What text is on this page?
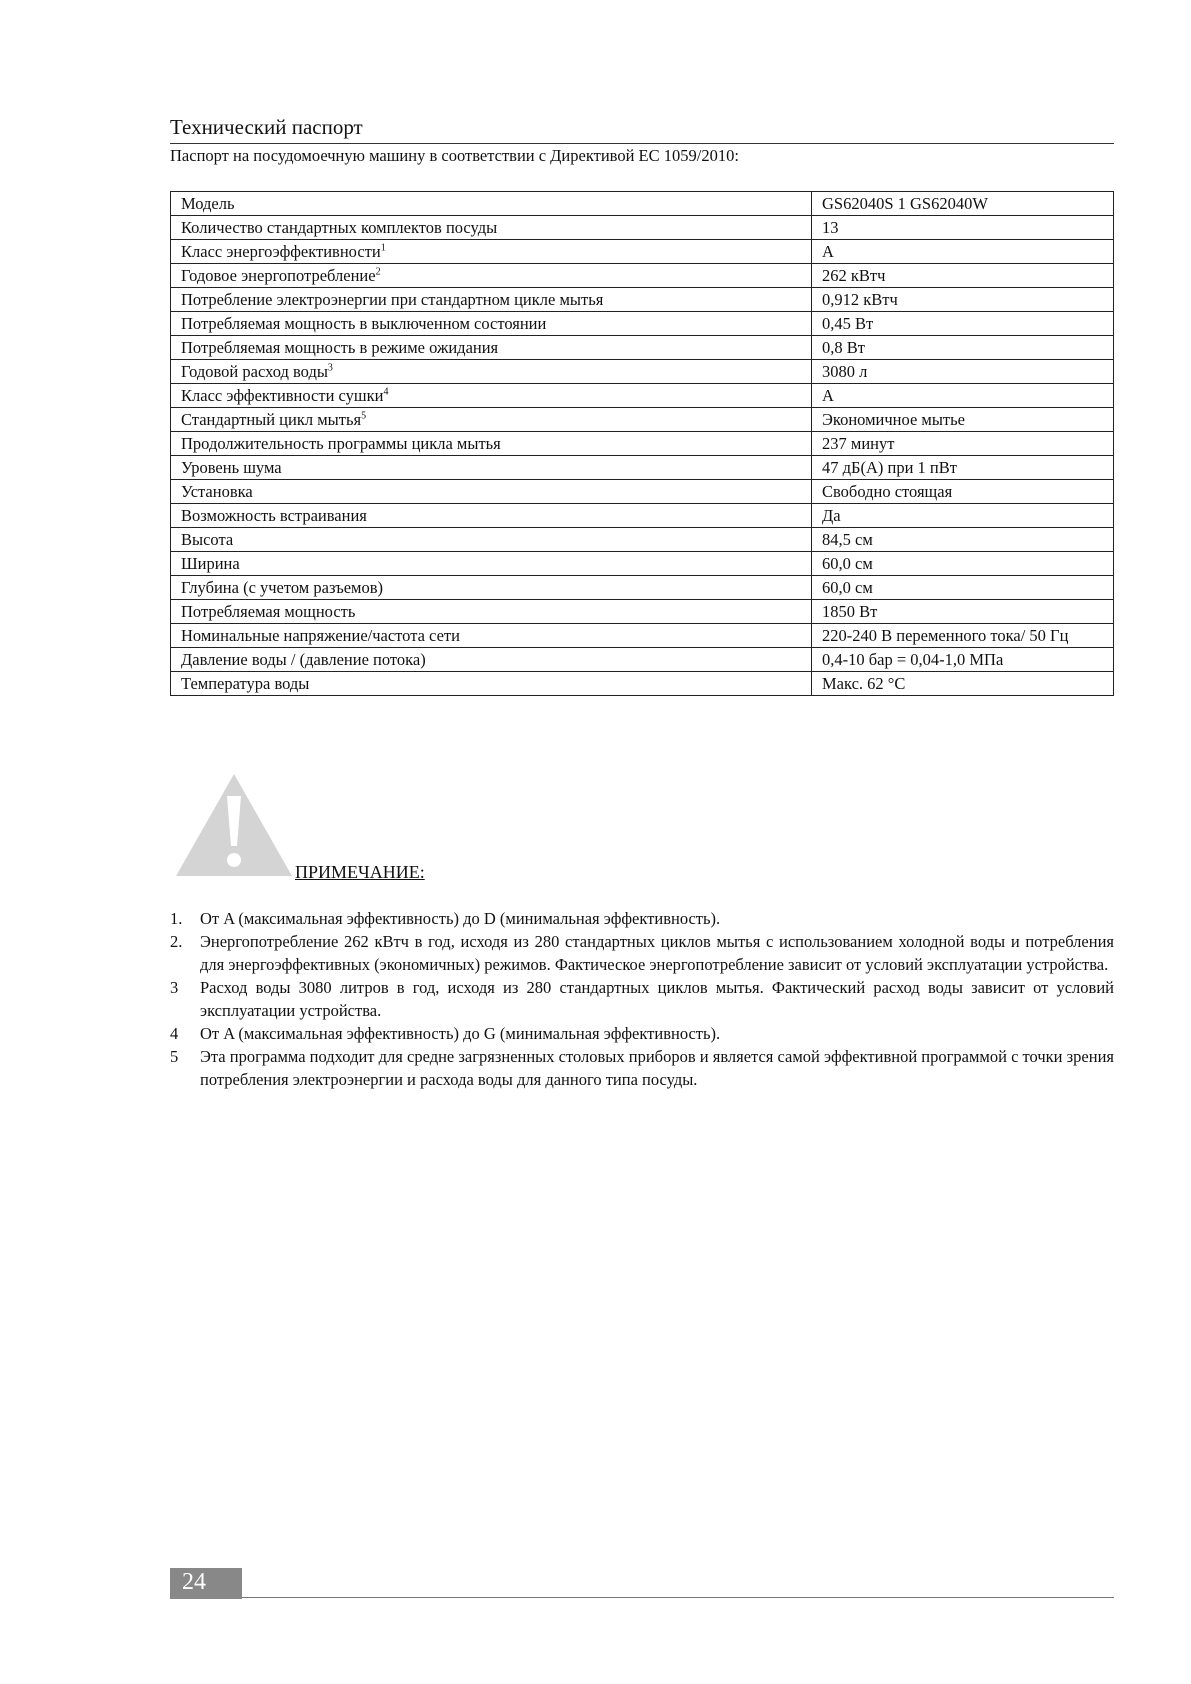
Технический паспорт
Паспорт на посудомоечную машину в соответствии с Директивой ЕС 1059/2010:
Модель	GS62040S 1 GS62040W
Количество стандартных комплектов посуды	13
Класс энергоэффективности$^1$	A
Годовое энергопотребление$^2$	262 кВтч
Потребление электроэнергии при стандартном цикле мытья	0,912 кВтч
Потребляемая мощность в выключенном состоянии	0,45 Вт
Потребляемая мощность в режиме ожидания	0,8 Вт
Годовой расход воды$^3$	3080 л
Класс эффективности сушки$^4$	A
Стандартный цикл мытья$^5$	Экономичное мытье
Продолжительность программы цикла мытья	237 минут
Уровень шума	47 дБ(А) при 1 пВт
Установка	Свободно стоящая
Возможность встраивания	Да
Высота	84,5 см
Ширина	60,0 см
Глубина (с учетом разъемов)	60,0 см
Потребляемая мощность	1850 Вт
Номинальные напряжение/частота сети	220-240 В переменного тока/ 50 Гц
Давление воды / (давление потока)	0,4-10 бар = 0,04-1,0 МПа
Температура воды	Макс. 62 °C
ПРИМЕЧАНИЕ:
1. От A (максимальная эффективность) до D (минимальная эффективность).
2. Энергопотребление 262 кВтч в год, исходя из 280 стандартных циклов мытья с использованием холодной воды и потребления для энергоэффективных (экономичных) режимов. Фактическое энергопотребление зависит от условий эксплуатации устройства.
3 Расход воды 3080 литров в год, исходя из 280 стандартных циклов мытья. Фактический расход воды зависит от условий эксплуатации устройства.
4 От A (максимальная эффективность) до G (минимальная эффективность).
5 Эта программа подходит для средне загрязненных столовых приборов и является самой эффективной программой с точки зрения потребления электроэнергии и расхода воды для данного типа посуды.
24
